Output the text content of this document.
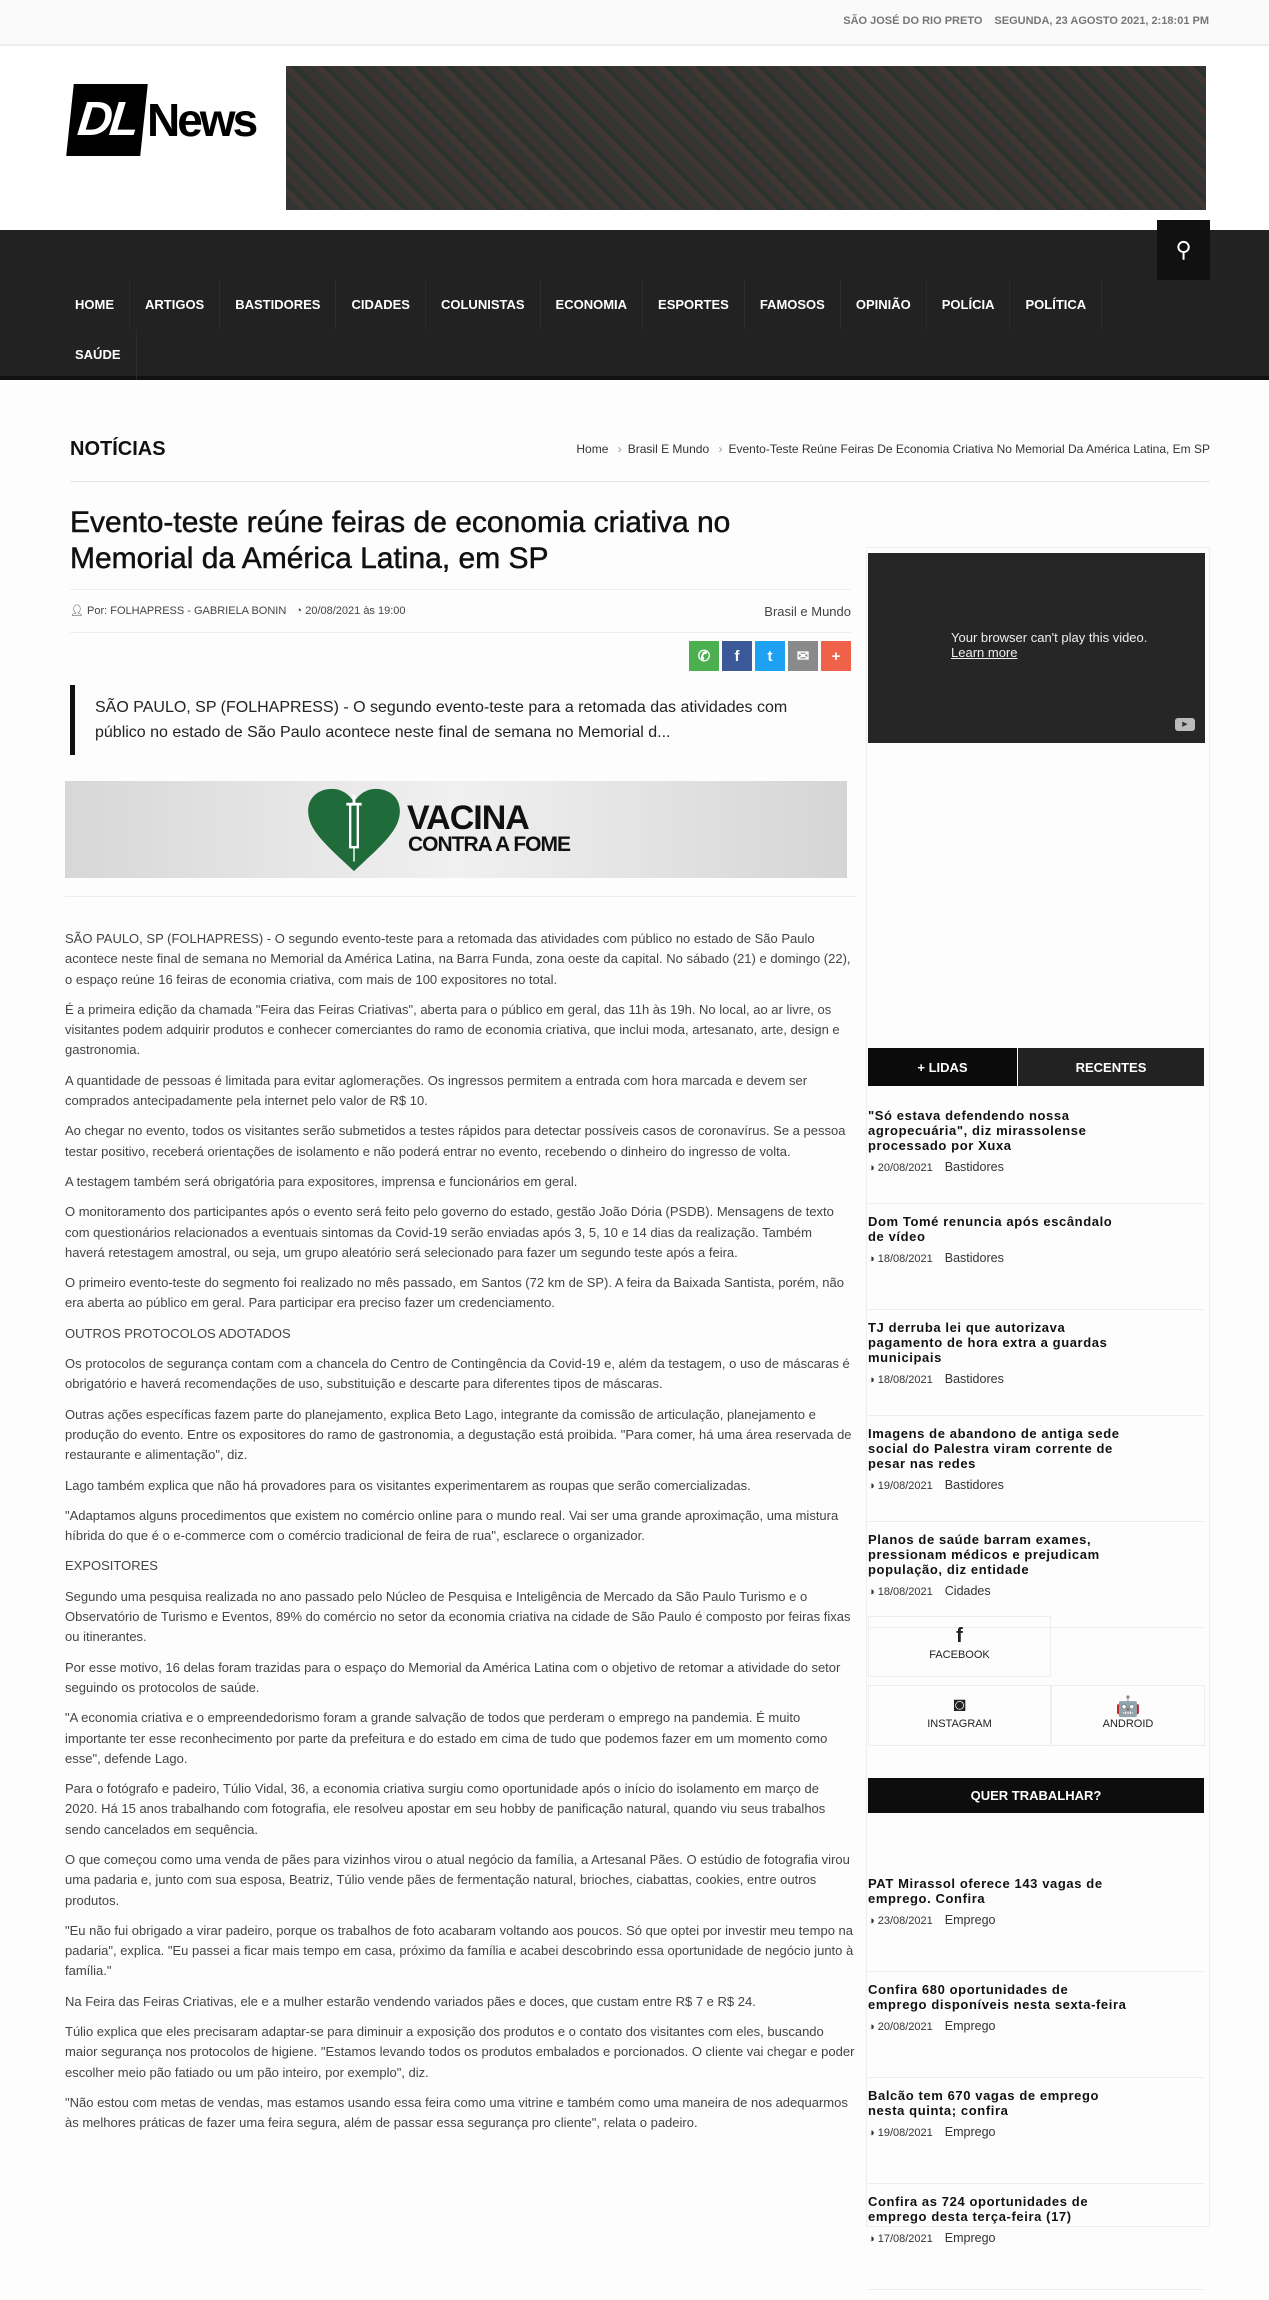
SÃO JOSÉ DO RIO PRETO SEGUNDA, 23 AGOSTO 2021, 2:18:01 PM
DL News
⚲
HOME	ARTIGOS	BASTIDORES	CIDADES	COLUNISTAS	ECONOMIA	ESPORTES	FAMOSOS	OPINIÃO	POLÍCIA	POLÍTICA
SAÚDE
NOTÍCIAS	Home › Brasil E Mundo › Evento-Teste Reúne Feiras De Economia Criativa No Memorial Da América Latina, Em SP
Evento-teste reúne feiras de economia criativa no Memorial da América Latina, em SP
👤︎ Por: FOLHAPRESS - GABRIELA BONIN ◔ 20/08/2021 às 19:00	Brasil e Mundo
✆ f t ✉ +
SÃO PAULO, SP (FOLHAPRESS) - O segundo evento-teste para a retomada das atividades com público no estado de São Paulo acontece neste final de semana no Memorial d...
VACINA
CONTRA A FOME

SÃO PAULO, SP (FOLHAPRESS) - O segundo evento-teste para a retomada das atividades com público no estado de São Paulo acontece neste final de semana no Memorial da América Latina, na Barra Funda, zona oeste da capital. No sábado (21) e domingo (22), o espaço reúne 16 feiras de economia criativa, com mais de 100 expositores no total.

É a primeira edição da chamada "Feira das Feiras Criativas", aberta para o público em geral, das 11h às 19h. No local, ao ar livre, os visitantes podem adquirir produtos e conhecer comerciantes do ramo de economia criativa, que inclui moda, artesanato, arte, design e gastronomia.

A quantidade de pessoas é limitada para evitar aglomerações. Os ingressos permitem a entrada com hora marcada e devem ser comprados antecipadamente pela internet pelo valor de R$ 10.

Ao chegar no evento, todos os visitantes serão submetidos a testes rápidos para detectar possíveis casos de coronavírus. Se a pessoa testar positivo, receberá orientações de isolamento e não poderá entrar no evento, recebendo o dinheiro do ingresso de volta.

A testagem também será obrigatória para expositores, imprensa e funcionários em geral.

O monitoramento dos participantes após o evento será feito pelo governo do estado, gestão João Dória (PSDB). Mensagens de texto com questionários relacionados a eventuais sintomas da Covid-19 serão enviadas após 3, 5, 10 e 14 dias da realização. Também haverá retestagem amostral, ou seja, um grupo aleatório será selecionado para fazer um segundo teste após a feira.

O primeiro evento-teste do segmento foi realizado no mês passado, em Santos (72 km de SP). A feira da Baixada Santista, porém, não era aberta ao público em geral. Para participar era preciso fazer um credenciamento.

OUTROS PROTOCOLOS ADOTADOS

Os protocolos de segurança contam com a chancela do Centro de Contingência da Covid-19 e, além da testagem, o uso de máscaras é obrigatório e haverá recomendações de uso, substituição e descarte para diferentes tipos de máscaras.

Outras ações específicas fazem parte do planejamento, explica Beto Lago, integrante da comissão de articulação, planejamento e produção do evento. Entre os expositores do ramo de gastronomia, a degustação está proibida. "Para comer, há uma área reservada de restaurante e alimentação", diz.

Lago também explica que não há provadores para os visitantes experimentarem as roupas que serão comercializadas.

"Adaptamos alguns procedimentos que existem no comércio online para o mundo real. Vai ser uma grande aproximação, uma mistura híbrida do que é o e-commerce com o comércio tradicional de feira de rua", esclarece o organizador.

EXPOSITORES

Segundo uma pesquisa realizada no ano passado pelo Núcleo de Pesquisa e Inteligência de Mercado da São Paulo Turismo e o Observatório de Turismo e Eventos, 89% do comércio no setor da economia criativa na cidade de São Paulo é composto por feiras fixas ou itinerantes.

Por esse motivo, 16 delas foram trazidas para o espaço do Memorial da América Latina com o objetivo de retomar a atividade do setor seguindo os protocolos de saúde.

"A economia criativa e o empreendedorismo foram a grande salvação de todos que perderam o emprego na pandemia. É muito importante ter esse reconhecimento por parte da prefeitura e do estado em cima de tudo que podemos fazer em um momento como esse", defende Lago.

Para o fotógrafo e padeiro, Túlio Vidal, 36, a economia criativa surgiu como oportunidade após o início do isolamento em março de 2020. Há 15 anos trabalhando com fotografia, ele resolveu apostar em seu hobby de panificação natural, quando viu seus trabalhos sendo cancelados em sequência.

O que começou como uma venda de pães para vizinhos virou o atual negócio da família, a Artesanal Pães. O estúdio de fotografia virou uma padaria e, junto com sua esposa, Beatriz, Túlio vende pães de fermentação natural, brioches, ciabattas, cookies, entre outros produtos.

"Eu não fui obrigado a virar padeiro, porque os trabalhos de foto acabaram voltando aos poucos. Só que optei por investir meu tempo na padaria", explica. "Eu passei a ficar mais tempo em casa, próximo da família e acabei descobrindo essa oportunidade de negócio junto à família."

Na Feira das Feiras Criativas, ele e a mulher estarão vendendo variados pães e doces, que custam entre R$ 7 e R$ 24.

Túlio explica que eles precisaram adaptar-se para diminuir a exposição dos produtos e o contato dos visitantes com eles, buscando maior segurança nos protocolos de higiene. "Estamos levando todos os produtos embalados e porcionados. O cliente vai chegar e poder escolher meio pão fatiado ou um pão inteiro, por exemplo", diz.

"Não estou com metas de vendas, mas estamos usando essa feira como uma vitrine e também como uma maneira de nos adequarmos às melhores práticas de fazer uma feira segura, além de passar essa segurança pro cliente", relata o padeiro.

Your browser can't play this video.
Learn more
▶
+ LIDAS	RECENTES
"Só estava defendendo nossa agropecuária", diz mirassolense processado por Xuxa
◑ 20/08/2021 Bastidores
Dom Tomé renuncia após escândalo de vídeo
◑ 18/08/2021 Bastidores
TJ derruba lei que autorizava pagamento de hora extra a guardas municipais
◑ 18/08/2021 Bastidores
Imagens de abandono de antiga sede social do Palestra viram corrente de pesar nas redes
◑ 19/08/2021 Bastidores
Planos de saúde barram exames, pressionam médicos e prejudicam população, diz entidade
◑ 18/08/2021 Cidades
f
FACEBOOK
◙
INSTAGRAM
🤖
ANDROID
QUER TRABALHAR?
PAT Mirassol oferece 143 vagas de emprego. Confira
◑ 23/08/2021 Emprego
Confira 680 oportunidades de emprego disponíveis nesta sexta-feira
◑ 20/08/2021 Emprego
Balcão tem 670 vagas de emprego nesta quinta; confira
◑ 19/08/2021 Emprego
Confira as 724 oportunidades de emprego desta terça-feira (17)
◑ 17/08/2021 Emprego
